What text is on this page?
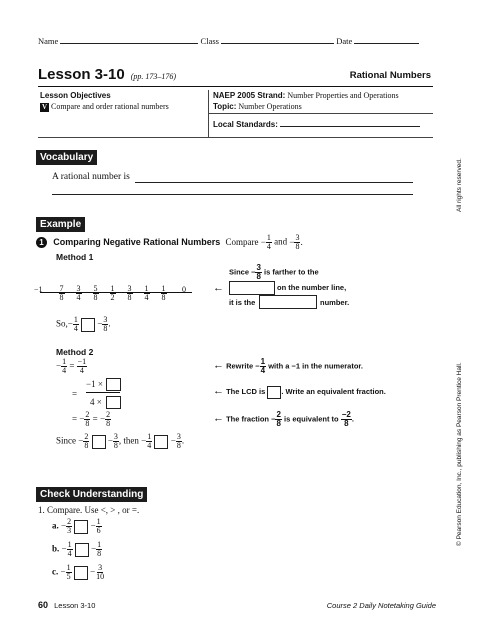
Name	Class	Date
Lesson 3-10 (pp. 173–176)	Rational Numbers
Lesson Objectives
V Compare and order rational numbers
NAEP 2005 Strand: Number Properties and Operations
Topic: Number Operations
Local Standards:
Vocabulary
A rational number is
Example
1 Comparing Negative Rational Numbers Compare − $\frac{1}{4}$ and − $\frac{3}{8}$ .
Method 1
Since − $\frac{3}{8}$ is farther to the
$-1 - \frac{7}{8} - \frac{3}{4} - \frac{5}{8} - \frac{1}{2} - \frac{3}{8} - \frac{1}{4} - \frac{1}{8} 0$ ←	on the number line,
it is the	number.
$So,- \frac{1}{4} - \frac{3}{8}$ .
Method 2
− $\frac{1}{4} = \frac{-1}{4}$	← Rewrite − $\frac{1}{4}$ with a −1 in the numerator.
=
−1 ×
4 ×
← The LCD is . Write an equivalent fraction.
= − $\frac{2}{8}$ = − $\frac{2}{8}$	← The fraction − $\frac{2}{8}$ is equivalent to $\frac{-2}{8}$ .
Since − $\frac{2}{8} - \frac{3}{8}$ , then − $\frac{1}{4} - \frac{3}{8}$ .
Check Understanding
1. Compare. Use <, > , or =.
a. − $\frac{2}{3} - \frac{1}{6}$
b. − $\frac{1}{4} - \frac{1}{8}$
c. − $\frac{1}{5} - \frac{3}{10}$
All rights reserved.
© Pearson Education, Inc., publishing as Pearson Prentice Hall.
60 Lesson 3-10	Course 2 Daily Notetaking Guide
